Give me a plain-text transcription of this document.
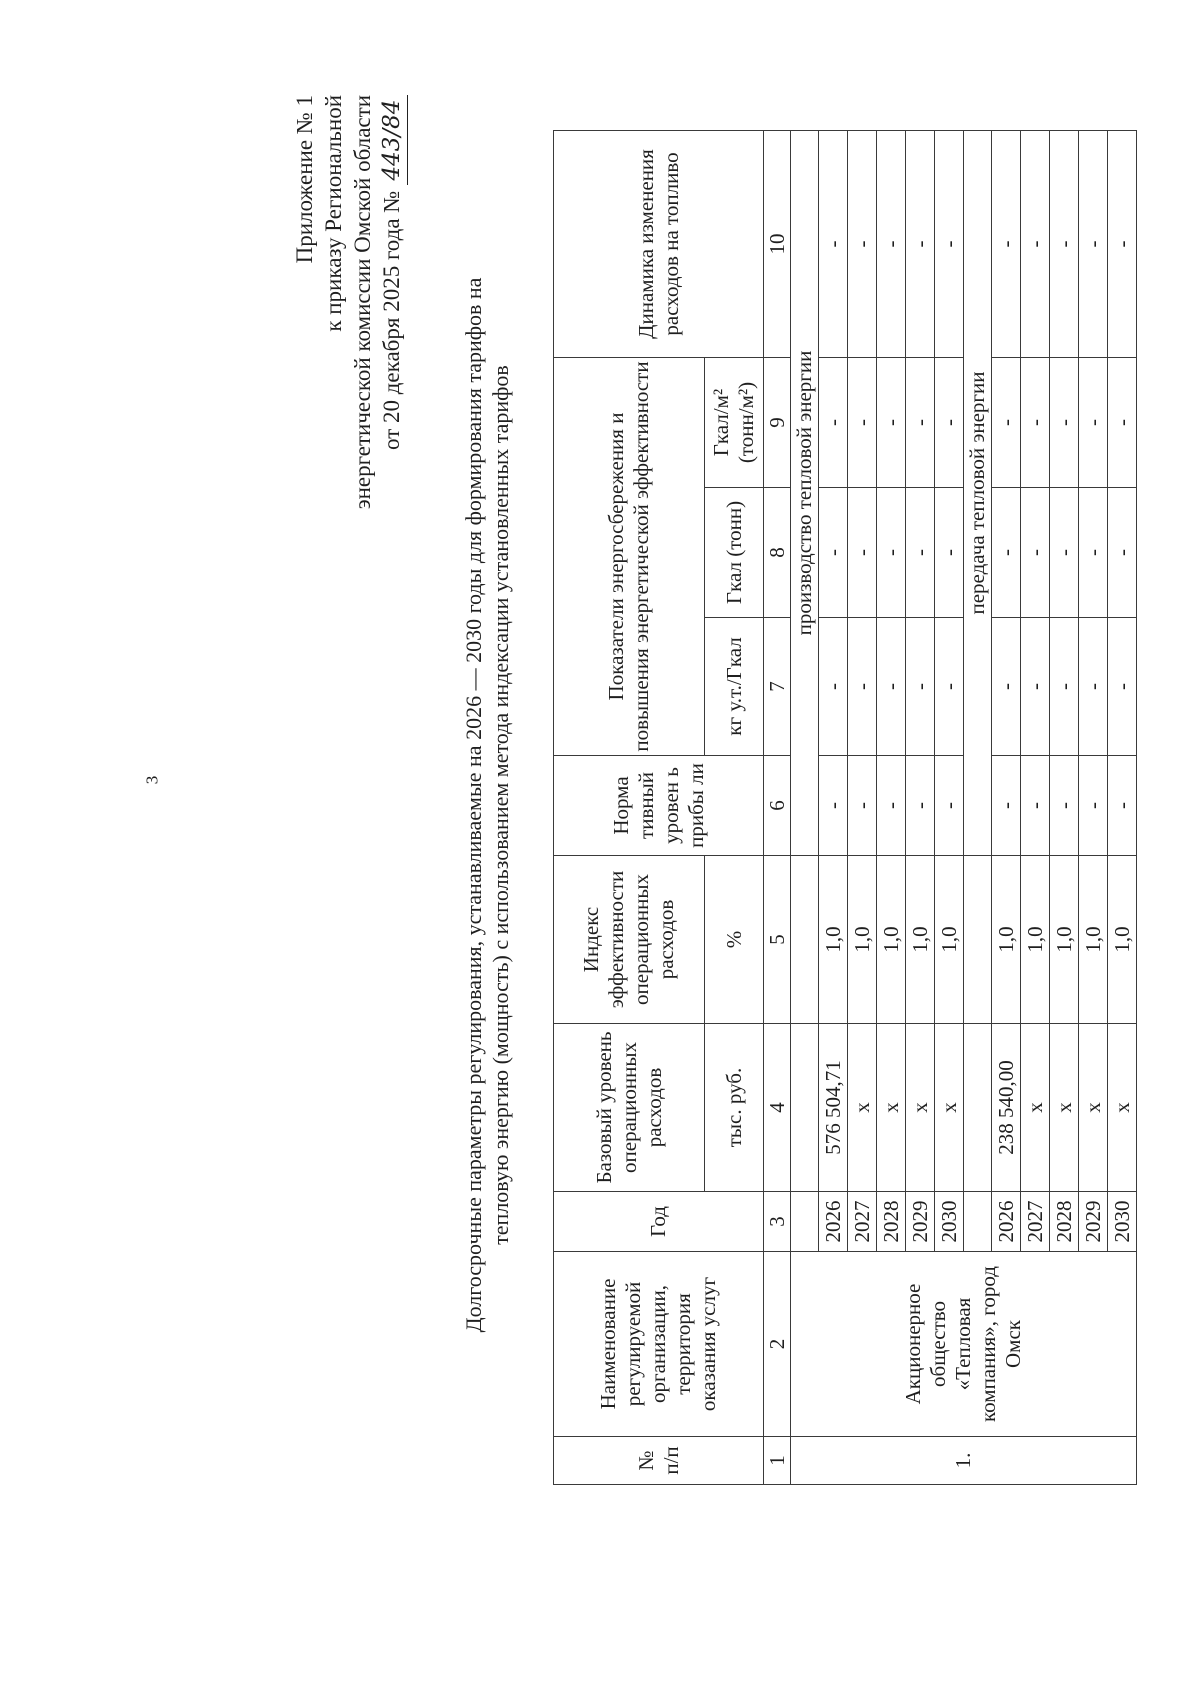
3
Приложение № 1 к приказу Региональной энергетической комиссии Омской области от 20 декабря 2025 года № 443/84
Долгосрочные параметры регулирования, устанавливаемые на 2026 — 2030 годы для формирования тарифов на тепловую энергию (мощность) с использованием метода индексации установленных тарифов
№ п/п	Наименование регулируемой организации, территория оказания услуг	Год	Базовый уровень операционных расходов	Индекс эффективности операционных расходов	Норма тивный уровен ь прибы ли	Показатели энергосбережения и повышения энергетической эффективности			Динамика изменения расходов на топливо
			тыс. руб.	%		кг у.т./Гкал	Гкал (тонн)	Гкал/м² (тонн/м²)	
1	2	3	4	5	6	7	8	9	10
1.	Акционерное общество «Тепловая компания», город Омск				производство тепловой энергии				
		2026	576 504,71	1,0	-	-	-	-	-
		2027	х	1,0	-	-	-	-	-
		2028	х	1,0	-	-	-	-	-
		2029	х	1,0	-	-	-	-	-
		2030	х	1,0	-	-	-	-	-
					передача тепловой энергии				
		2026	238 540,00	1,0	-	-	-	-	-
		2027	х	1,0	-	-	-	-	-
		2028	х	1,0	-	-	-	-	-
		2029	х	1,0	-	-	-	-	-
		2030	х	1,0	-	-	-	-	-
